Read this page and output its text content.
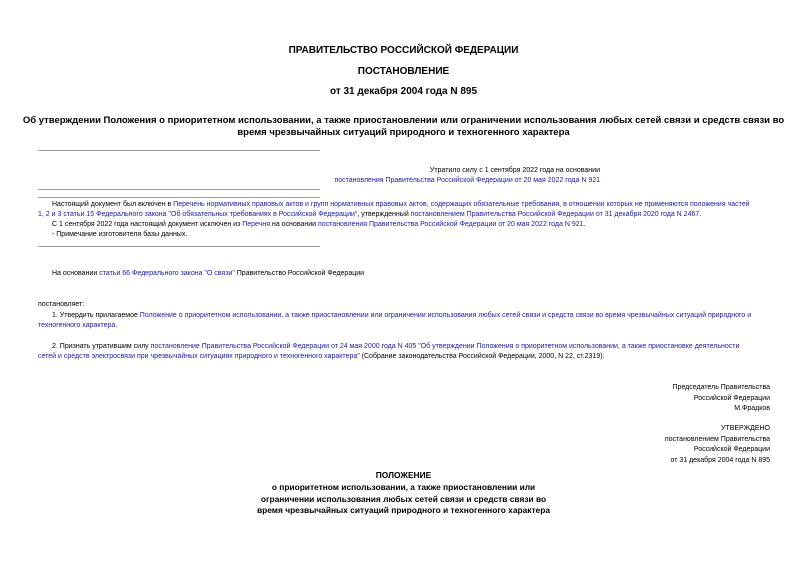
ПРАВИТЕЛЬСТВО РОССИЙСКОЙ ФЕДЕРАЦИИ
ПОСТАНОВЛЕНИЕ
от 31 декабря 2004 года N 895
Об утверждении Положения о приоритетном использовании, а также приостановлении или ограничении использования любых сетей связи и средств связи во
время чрезвычайных ситуаций природного и техногенного характера
Утратило силу с 1 сентября 2022 года на основании
постановления Правительства Российской Федерации от 20 мая 2022 года N 921
Настоящий документ был включен в Перечень нормативных правовых актов и групп нормативных правовых актов, содержащих обязательные требования, в отношении которых не применяются положения частей
1, 2 и 3 статьи 15 Федерального закона "Об обязательных требованиях в Российской Федерации", утвержденный постановлением Правительства Российской Федерации от 31 декабря 2020 года N 2467.
С 1 сентября 2022 года настоящий документ исключен из Перечня на основании постановления Правительства Российской Федерации от 20 мая 2022 года N 921.
- Примечание изготовителя базы данных.
На основании статьи 66 Федерального закона "О связи" Правительство Российской Федерации
постановляет:
1. Утвердить прилагаемое Положение о приоритетном использовании, а также приостановлении или ограничении использования любых сетей связи и средств связи во время чрезвычайных ситуаций природного и
техногенного характера.
2. Признать утратившим силу постановление Правительства Российской Федерации от 24 мая 2000 года N 405 "Об утверждении Положения о приоритетном использовании, а также приостановке деятельности
сетей и средств электросвязи при чрезвычайных ситуациях природного и техногенного характера" (Собрание законодательства Российской Федерации, 2000, N 22, ст.2319).
Председатель Правительства
Российской Федерации
М.Фрадков
УТВЕРЖДЕНО
постановлением Правительства
Российской Федерации
от 31 декабря 2004 года N 895
ПОЛОЖЕНИЕ
о приоритетном использовании, а также приостановлении или
ограничении использования любых сетей связи и средств связи во
время чрезвычайных ситуаций природного и техногенного характера
